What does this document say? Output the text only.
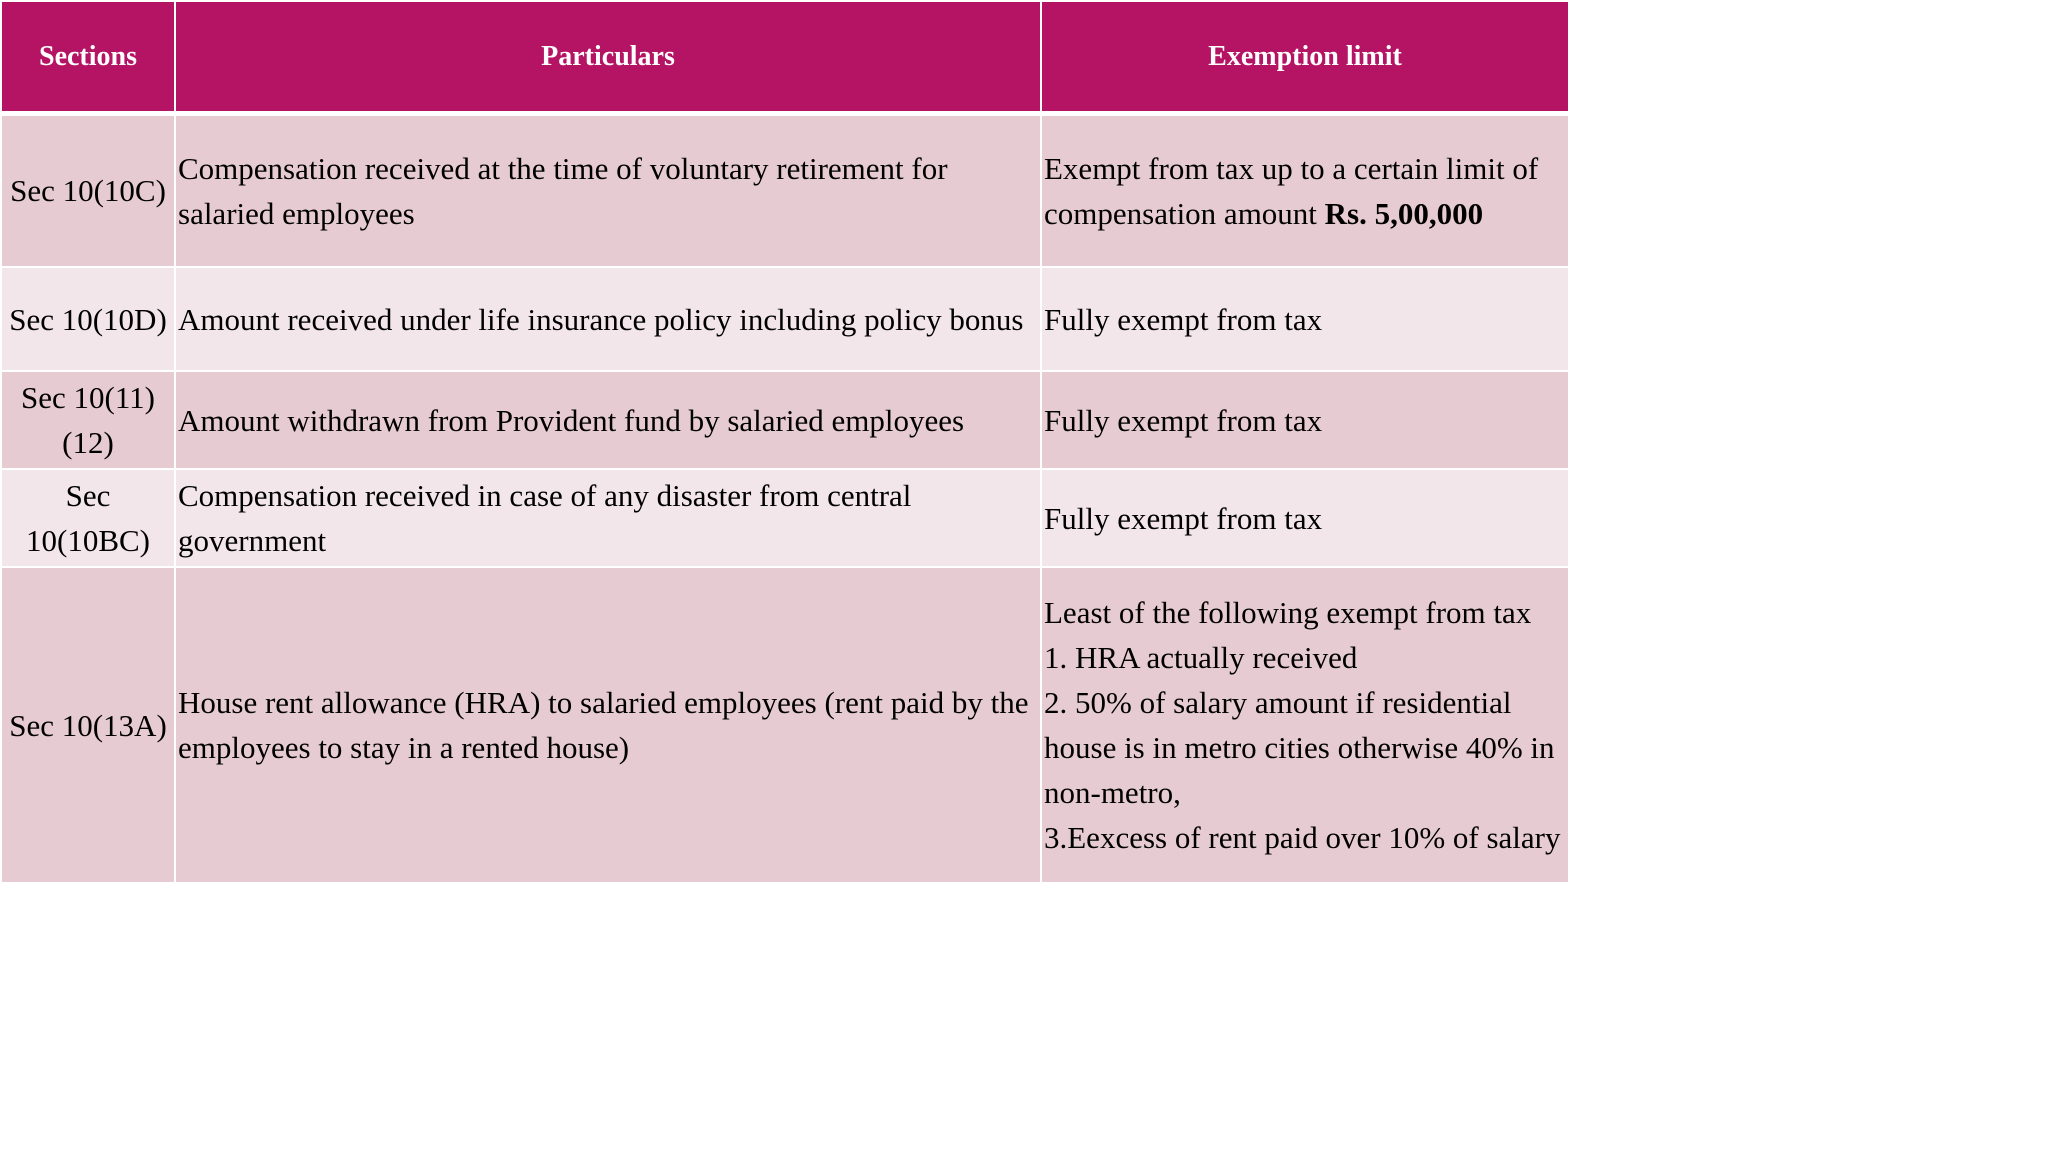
Sections	Particulars	Exemption limit
Sec 10(10C)	Compensation received at the time of voluntary retirement for salaried employees	Exempt from tax up to a certain limit of compensation amount Rs. 5,00,000
Sec 10(10D)	Amount received under life insurance policy including policy bonus	Fully exempt from tax
Sec 10(11)(12)	Amount withdrawn from Provident fund by salaried employees	Fully exempt from tax
Sec 10(10BC)	Compensation received in case of any disaster from central government	Fully exempt from tax
Sec 10(13A)	House rent allowance (HRA) to salaried employees (rent paid by the employees to stay in a rented house)	Least of the following exempt from tax
1. HRA actually received
2. 50% of salary amount if residential house is in metro cities otherwise 40% in non-metro,
3.Eexcess of rent paid over 10% of salary
